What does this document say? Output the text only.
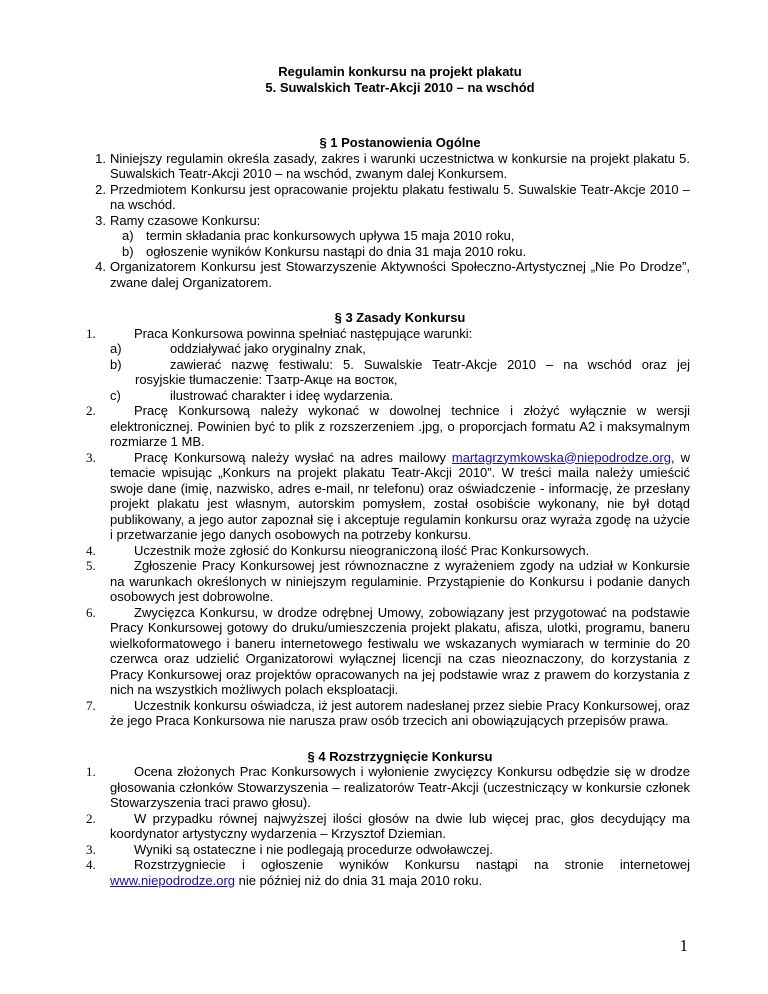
Regulamin konkursu na projekt plakatu
5. Suwalskich Teatr-Akcji 2010 – na wschód
§ 1 Postanowienia Ogólne
1. Niniejszy regulamin określa zasady, zakres i warunki uczestnictwa w konkursie na projekt plakatu 5. Suwalskich Teatr-Akcji 2010 – na wschód, zwanym dalej Konkursem.
2. Przedmiotem Konkursu jest opracowanie projektu plakatu festiwalu 5. Suwalskie Teatr-Akcje 2010 – na wschód.
3. Ramy czasowe Konkursu:
a) termin składania prac konkursowych upływa 15 maja 2010 roku,
b) ogłoszenie wyników Konkursu nastąpi do dnia 31 maja 2010 roku.
4. Organizatorem Konkursu jest Stowarzyszenie Aktywności Społeczno-Artystycznej „Nie Po Drodze”, zwane dalej Organizatorem.
§ 3 Zasady Konkursu
1.	Praca Konkursowa powinna spełniać następujące warunki:
a)	oddziaływać jako oryginalny znak,
b)	zawierać nazwę festiwalu: 5. Suwalskie Teatr-Akcje 2010 – na wschód oraz jej
rosyjskie tłumaczenie: Тзатр-Акце на восток,
c)	ilustrować charakter i ideę wydarzenia.
2.	Pracę Konkursową należy wykonać w dowolnej technice i złożyć wyłącznie w wersji elektronicznej. Powinien być to plik z rozszerzeniem .jpg, o proporcjach formatu A2 i maksymalnym rozmiarze 1 MB.
3.	Pracę Konkursową należy wysłać na adres mailowy martagrzymkowska@niepodrodze.org, w temacie wpisując „Konkurs na projekt plakatu Teatr-Akcji 2010”. W treści maila należy umieścić swoje dane (imię, nazwisko, adres e-mail, nr telefonu) oraz oświadczenie - informację, że przesłany projekt plakatu jest własnym, autorskim pomysłem, został osobiście wykonany, nie był dotąd publikowany, a jego autor zapoznał się i akceptuje regulamin konkursu oraz wyraża zgodę na użycie i przetwarzanie jego danych osobowych na potrzeby konkursu.
4.	Uczestnik może zgłosić do Konkursu nieograniczoną ilość Prac Konkursowych.
5.	Zgłoszenie Pracy Konkursowej jest równoznaczne z wyrażeniem zgody na udział w Konkursie na warunkach określonych w niniejszym regulaminie. Przystąpienie do Konkursu i podanie danych osobowych jest dobrowolne.
6.	Zwycięzca Konkursu, w drodze odrębnej Umowy, zobowiązany jest przygotować na podstawie Pracy Konkursowej gotowy do druku/umieszczenia projekt plakatu, afisza, ulotki, programu, baneru wielkoformatowego i baneru internetowego festiwalu we wskazanych wymiarach w terminie do 20 czerwca oraz udzielić Organizatorowi wyłącznej licencji na czas nieoznaczony, do korzystania z Pracy Konkursowej oraz projektów opracowanych na jej podstawie wraz z prawem do korzystania z nich na wszystkich możliwych polach eksploatacji.
7.	Uczestnik konkursu oświadcza, iż jest autorem nadesłanej przez siebie Pracy Konkursowej, oraz że jego Praca Konkursowa nie narusza praw osób trzecich ani obowiązujących przepisów prawa.
§ 4 Rozstrzygnięcie Konkursu
1.	Ocena złożonych Prac Konkursowych i wyłonienie zwycięzcy Konkursu odbędzie się w drodze głosowania członków Stowarzyszenia – realizatorów Teatr-Akcji (uczestniczący w konkursie członek Stowarzyszenia traci prawo głosu).
2.	W przypadku równej najwyższej ilości głosów na dwie lub więcej prac, głos decydujący ma koordynator artystyczny wydarzenia – Krzysztof Dziemian.
3.	Wyniki są ostateczne i nie podlegają procedurze odwoławczej.
4.	Rozstrzygniecie i ogłoszenie wyników Konkursu nastąpi na stronie internetowej www.niepodrodze.org nie później niż do dnia 31 maja 2010 roku.
1
